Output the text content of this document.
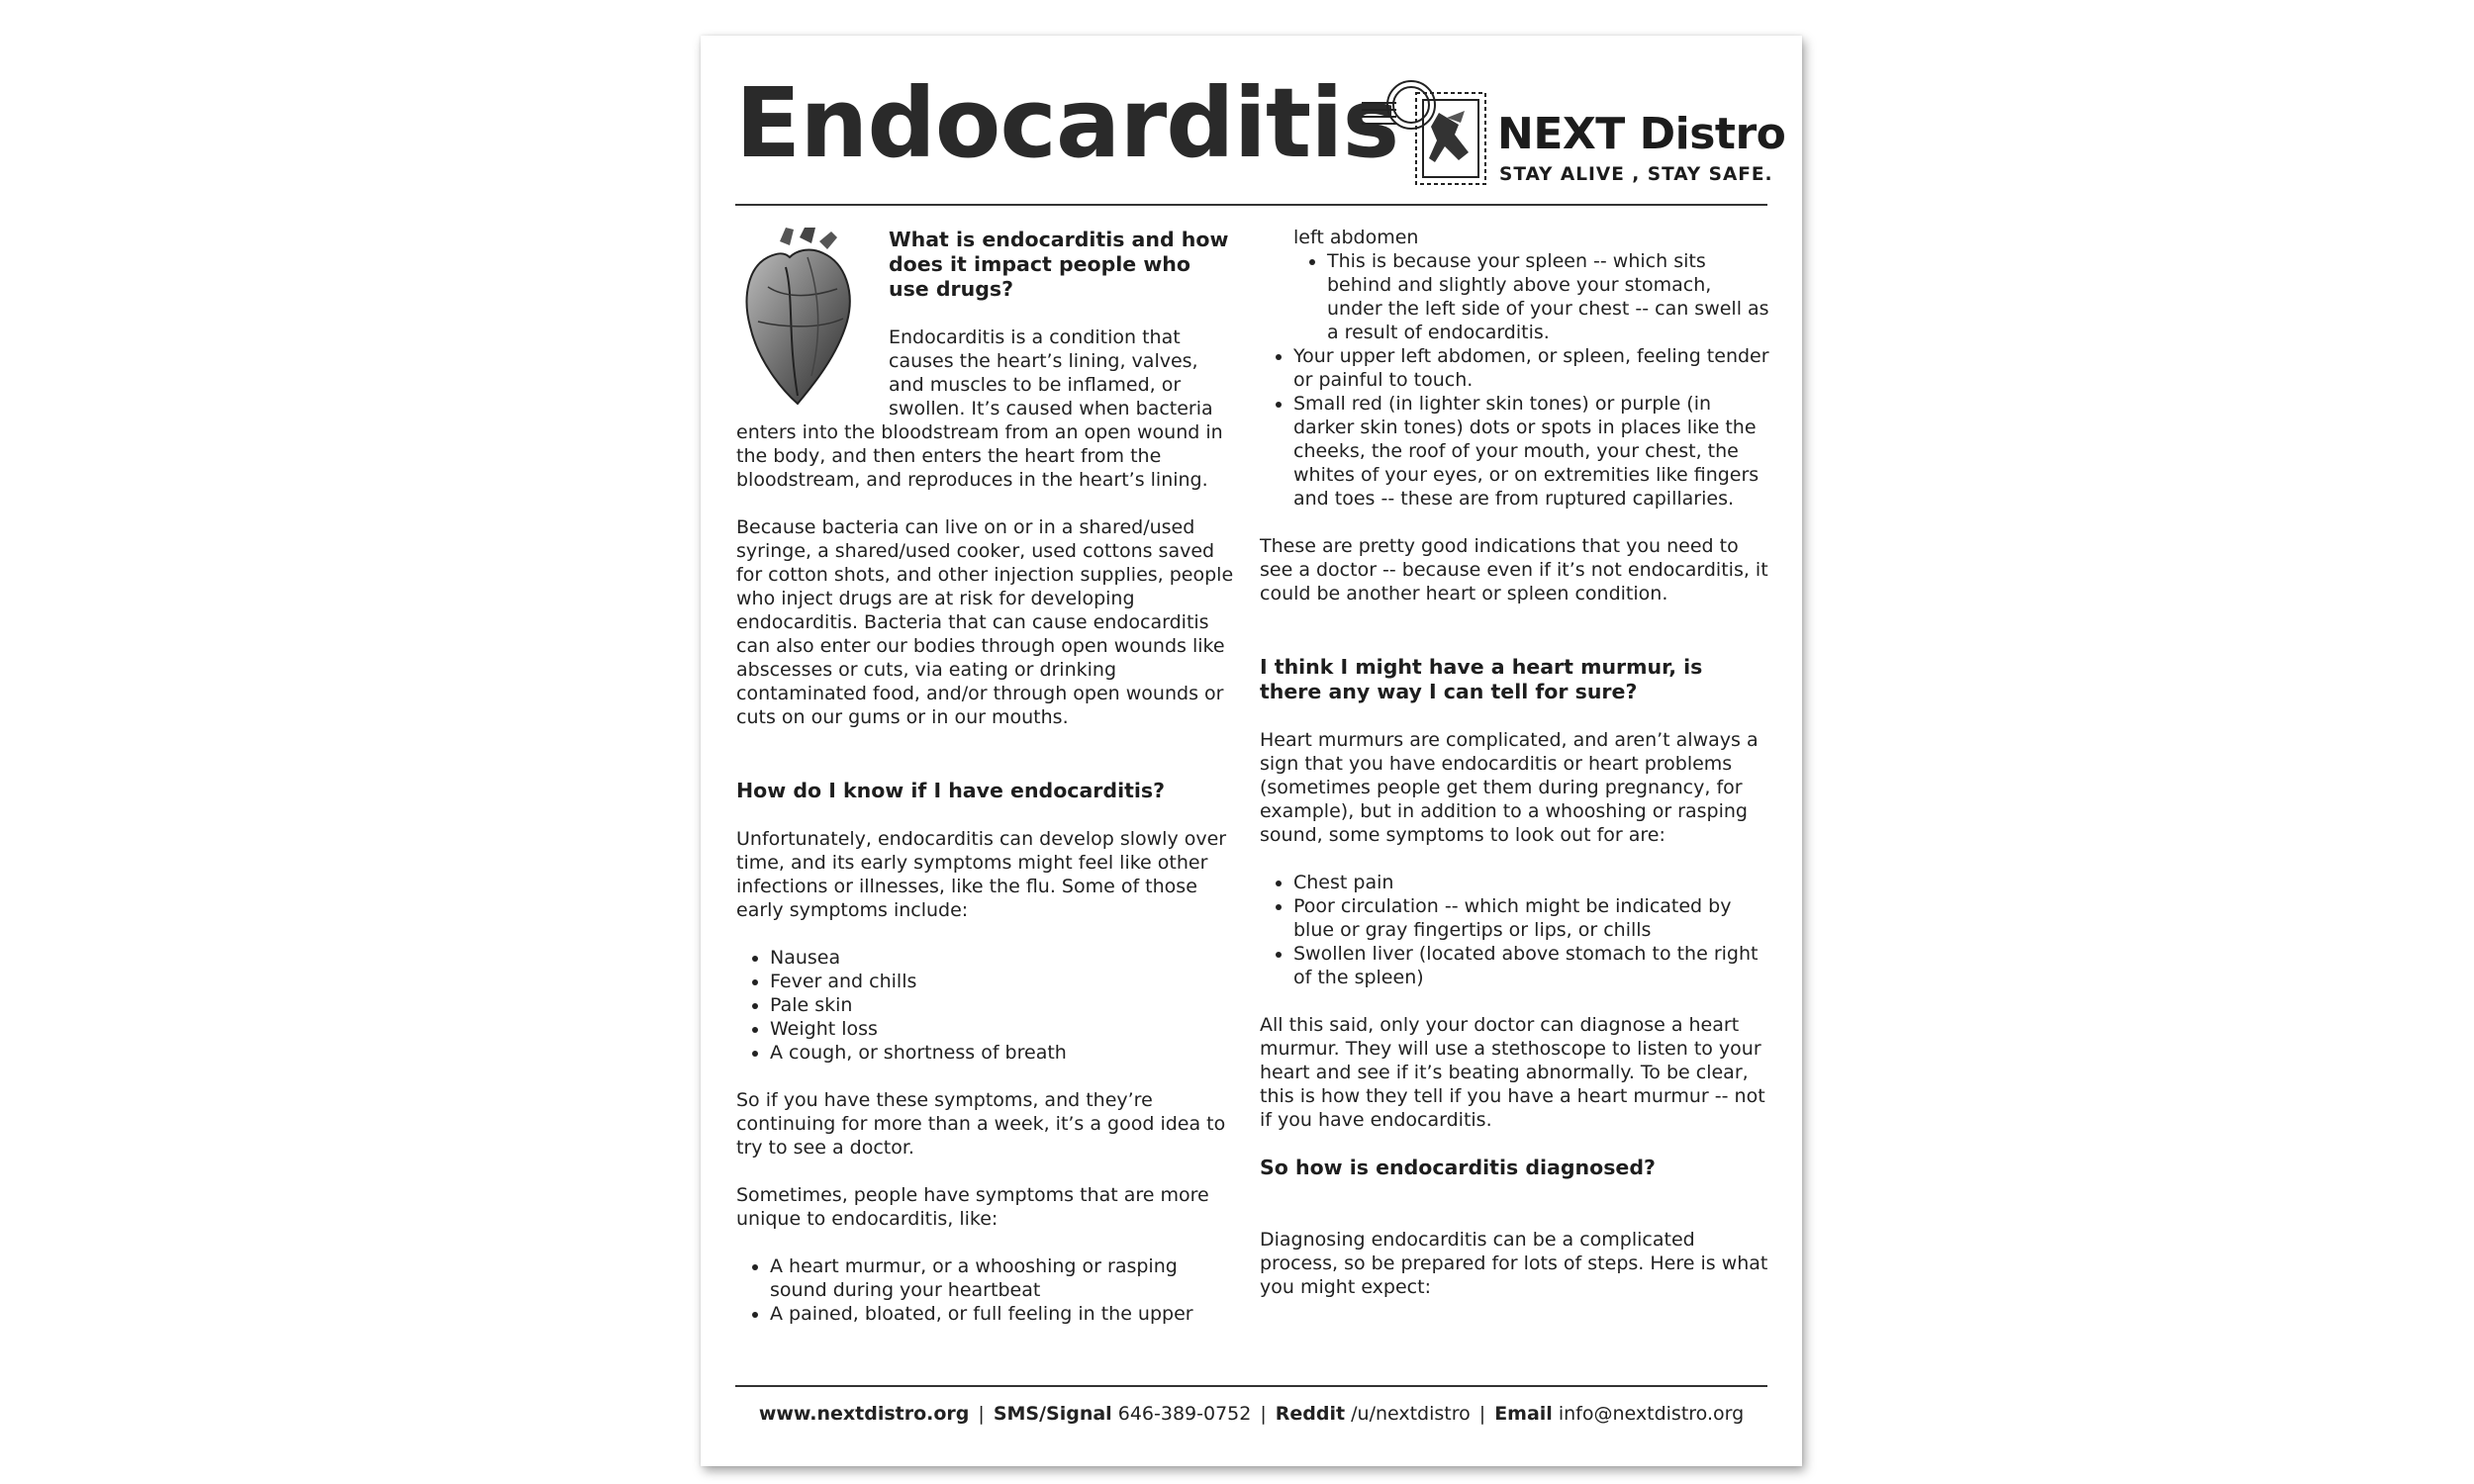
Endocarditis NEXT Distro
STAY ALIVE , STAY SAFE.
What is endocarditis and how does it impact people who use drugs?

Endocarditis is a condition that causes the heart’s lining, valves, and muscles to be inflamed, or swollen. It’s caused when bacteria enters into the bloodstream from an open wound in the body, and then enters the heart from the bloodstream, and reproduces in the heart’s lining.

Because bacteria can live on or in a shared/used syringe, a shared/used cooker, used cottons saved for cotton shots, and other injection supplies, people who inject drugs are at risk for developing endocarditis. Bacteria that can cause endocarditis can also enter our bodies through open wounds like abscesses or cuts, via eating or drinking contaminated food, and/or through open wounds or cuts on our gums or in our mouths.

How do I know if I have endocarditis?

Unfortunately, endocarditis can develop slowly over time, and its early symptoms might feel like other infections or illnesses, like the flu. Some of those early symptoms include:

• Nausea
• Fever and chills
• Pale skin
• Weight loss
• A cough, or shortness of breath

So if you have these symptoms, and they’re continuing for more than a week, it’s a good idea to try to see a doctor.

Sometimes, people have symptoms that are more unique to endocarditis, like:

• A heart murmur, or a whooshing or rasping sound during your heartbeat
• A pained, bloated, or full feeling in the upper
left abdomen
• This is because your spleen -- which sits behind and slightly above your stomach, under the left side of your chest -- can swell as a result of endocarditis.
• Your upper left abdomen, or spleen, feeling tender or painful to touch.
• Small red (in lighter skin tones) or purple (in darker skin tones) dots or spots in places like the cheeks, the roof of your mouth, your chest, the whites of your eyes, or on extremities like fingers and toes -- these are from ruptured capillaries.

These are pretty good indications that you need to see a doctor -- because even if it’s not endocarditis, it could be another heart or spleen condition.

I think I might have a heart murmur, is there any way I can tell for sure?

Heart murmurs are complicated, and aren’t always a sign that you have endocarditis or heart problems (sometimes people get them during pregnancy, for example), but in addition to a whooshing or rasping sound, some symptoms to look out for are:

• Chest pain
• Poor circulation -- which might be indicated by blue or gray fingertips or lips, or chills
• Swollen liver (located above stomach to the right of the spleen)

All this said, only your doctor can diagnose a heart murmur. They will use a stethoscope to listen to your heart and see if it’s beating abnormally. To be clear, this is how they tell if you have a heart murmur -- not if you have endocarditis.

So how is endocarditis diagnosed?

Diagnosing endocarditis can be a complicated process, so be prepared for lots of steps. Here is what you might expect:

www.nextdistro.org | SMS/Signal 646-389-0752 | Reddit /u/nextdistro | Email info@nextdistro.org
